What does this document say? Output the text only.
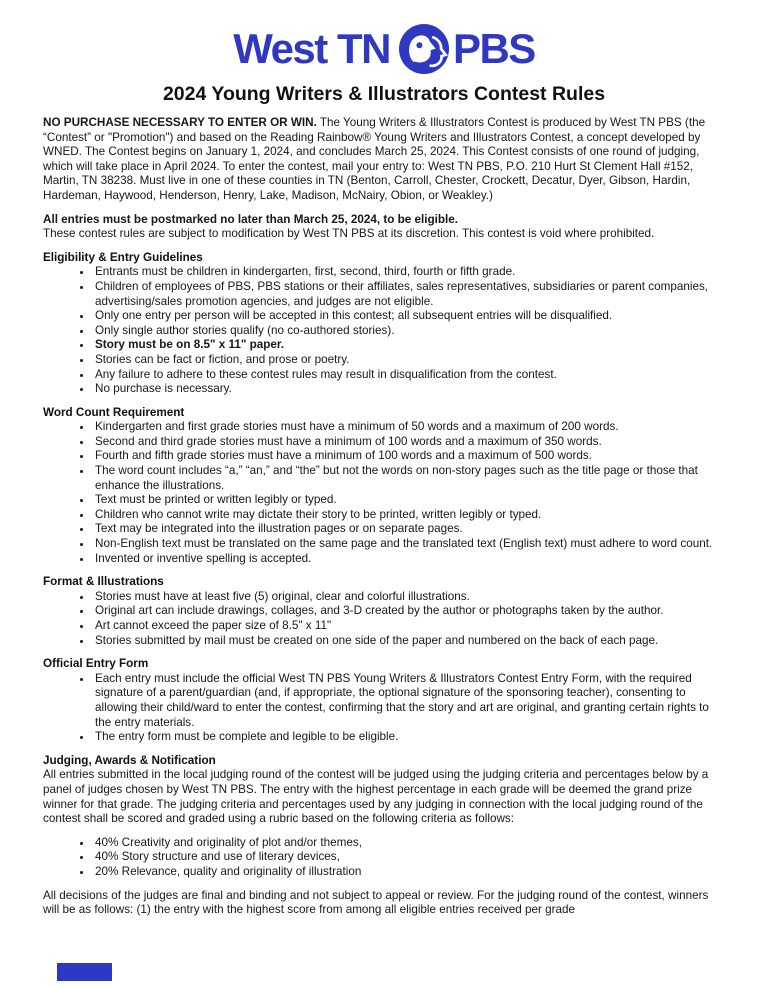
West TN PBS
2024 Young Writers & Illustrators Contest Rules

NO PURCHASE NECESSARY TO ENTER OR WIN. The Young Writers & Illustrators Contest is produced by West TN PBS (the “Contest” or "Promotion") and based on the Reading Rainbow® Young Writers and Illustrators Contest, a concept developed by WNED. The Contest begins on January 1, 2024, and concludes March 25, 2024. This Contest consists of one round of judging, which will take place in April 2024. To enter the contest, mail your entry to: West TN PBS, P.O. 210 Hurt St Clement Hall #152, Martin, TN 38238. Must live in one of these counties in TN (Benton, Carroll, Chester, Crockett, Decatur, Dyer, Gibson, Hardin, Hardeman, Haywood, Henderson, Henry, Lake, Madison, McNairy, Obion, or Weakley.)

All entries must be postmarked no later than March 25, 2024, to be eligible.

These contest rules are subject to modification by West TN PBS at its discretion. This contest is void where prohibited.

Eligibility & Entry Guidelines
• Entrants must be children in kindergarten, first, second, third, fourth or fifth grade.
• Children of employees of PBS, PBS stations or their affiliates, sales representatives, subsidiaries or parent companies, advertising/sales promotion agencies, and judges are not eligible.
• Only one entry per person will be accepted in this contest; all subsequent entries will be disqualified.
• Only single author stories qualify (no co-authored stories).
• Story must be on 8.5" x 11" paper.
• Stories can be fact or fiction, and prose or poetry.
• Any failure to adhere to these contest rules may result in disqualification from the contest.
• No purchase is necessary.
Word Count Requirement
• Kindergarten and first grade stories must have a minimum of 50 words and a maximum of 200 words.
• Second and third grade stories must have a minimum of 100 words and a maximum of 350 words.
• Fourth and fifth grade stories must have a minimum of 100 words and a maximum of 500 words.
• The word count includes “a,” “an,” and “the” but not the words on non-story pages such as the title page or those that enhance the illustrations.
• Text must be printed or written legibly or typed.
• Children who cannot write may dictate their story to be printed, written legibly or typed.
• Text may be integrated into the illustration pages or on separate pages.
• Non-English text must be translated on the same page and the translated text (English text) must adhere to word count.
• Invented or inventive spelling is accepted.
Format & Illustrations
• Stories must have at least five (5) original, clear and colorful illustrations.
• Original art can include drawings, collages, and 3-D created by the author or photographs taken by the author.
• Art cannot exceed the paper size of 8.5" x 11"
• Stories submitted by mail must be created on one side of the paper and numbered on the back of each page.
Official Entry Form
• Each entry must include the official West TN PBS Young Writers & Illustrators Contest Entry Form, with the required signature of a parent/guardian (and, if appropriate, the optional signature of the sponsoring teacher), consenting to allowing their child/ward to enter the contest, confirming that the story and art are original, and granting certain rights to the entry materials.
• The entry form must be complete and legible to be eligible.
Judging, Awards & Notification

All entries submitted in the local judging round of the contest will be judged using the judging criteria and percentages below by a panel of judges chosen by West TN PBS. The entry with the highest percentage in each grade will be deemed the grand prize winner for that grade. The judging criteria and percentages used by any judging in connection with the local judging round of the contest shall be scored and graded using a rubric based on the following criteria as follows:

• 40% Creativity and originality of plot and/or themes,
• 40% Story structure and use of literary devices,
• 20% Relevance, quality and originality of illustration

All decisions of the judges are final and binding and not subject to appeal or review. For the judging round of the contest, winners will be as follows: (1) the entry with the highest score from among all eligible entries received per grade
